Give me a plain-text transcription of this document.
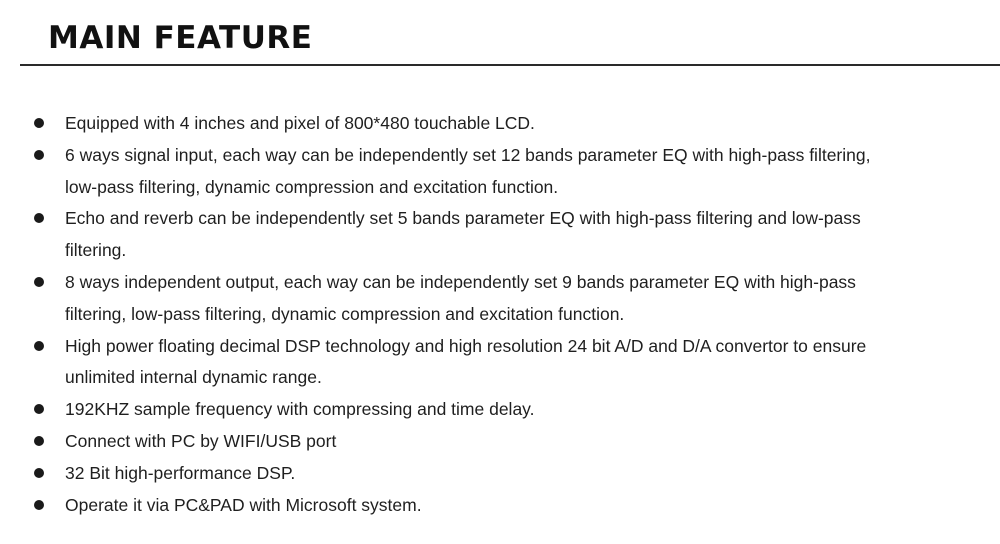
MAIN FEATURE
Equipped with 4 inches and pixel of 800*480 touchable LCD.
6 ways signal input, each way can be independently set 12 bands parameter EQ with high-pass filtering,
low-pass filtering, dynamic compression and excitation function.
Echo and reverb can be independently set 5 bands parameter EQ with high-pass filtering and low-pass
filtering.
8 ways independent output, each way can be independently set 9 bands parameter EQ with high-pass
filtering, low-pass filtering, dynamic compression and excitation function.
High power floating decimal DSP technology and high resolution 24 bit A/D and D/A convertor to ensure
unlimited internal dynamic range.
192KHZ sample frequency with compressing and time delay.
Connect with PC by WIFI/USB port
32 Bit high-performance DSP.
Operate it via PC&PAD with Microsoft system.
